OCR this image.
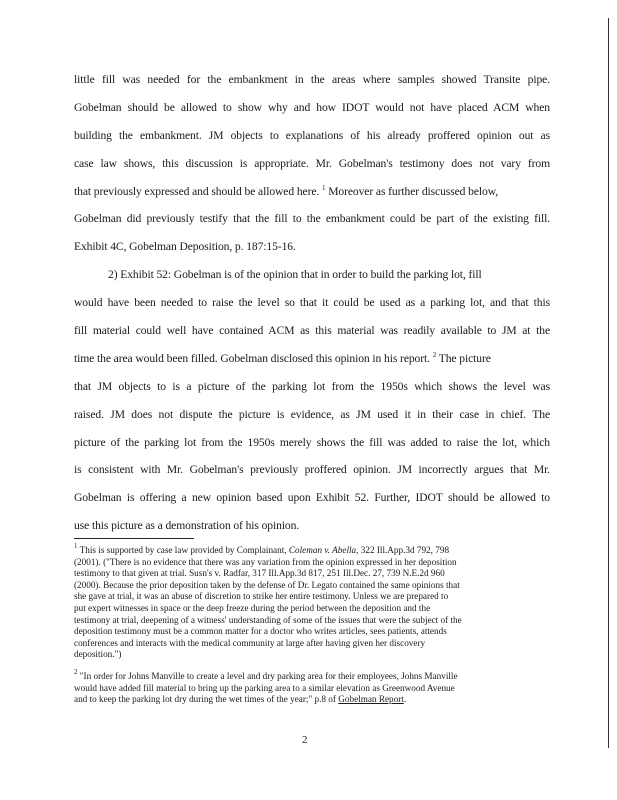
little fill was needed for the embankment in the areas where samples showed Transite pipe.
Gobelman should be allowed to show why and how IDOT would not have placed ACM when
building the embankment. JM objects to explanations of his already proffered opinion out as
case law shows, this discussion is appropriate. Mr. Gobelman's testimony does not vary from
that previously expressed and should be allowed here. $^1$ Moreover as further discussed below,
Gobelman did previously testify that the fill to the embankment could be part of the existing fill.
Exhibit 4C, Gobelman Deposition, p. 187:15-16.
2) Exhibit 52: Gobelman is of the opinion that in order to build the parking lot, fill
would have been needed to raise the level so that it could be used as a parking lot, and that this
fill material could well have contained ACM as this material was readily available to JM at the
time the area would been filled. Gobelman disclosed this opinion in his report. $^2$ The picture
that JM objects to is a picture of the parking lot from the 1950s which shows the level was
raised. JM does not dispute the picture is evidence, as JM used it in their case in chief. The
picture of the parking lot from the 1950s merely shows the fill was added to raise the lot, which
is consistent with Mr. Gobelman's previously proffered opinion. JM incorrectly argues that Mr.
Gobelman is offering a new opinion based upon Exhibit 52. Further, IDOT should be allowed to
use this picture as a demonstration of his opinion.
$^1$ This is supported by case law provided by Complainant, Coleman v. Abella, 322 Ill.App.3d 792, 798
(2001). ("There is no evidence that there was any variation from the opinion expressed in her deposition
testimony to that given at trial. Susn's v. Radfar, 317 Ill.App.3d 817, 251 Ill.Dec. 27, 739 N.E.2d 960
(2000). Because the prior deposition taken by the defense of Dr. Legato contained the same opinions that
she gave at trial, it was an abuse of discretion to strike her entire testimony. Unless we are prepared to
put expert witnesses in space or the deep freeze during the period between the deposition and the
testimony at trial, deepening of a witness' understanding of some of the issues that were the subject of the
deposition testimony must be a common matter for a doctor who writes articles, sees patients, attends
conferences and interacts with the medical community at large after having given her discovery
deposition.")
$^2$ "In order for Johns Manville to create a level and dry parking area for their employees, Johns Manville
would have added fill material to bring up the parking area to a similar elevation as Greenwood Avenue
and to keep the parking lot dry during the wet times of the year;" p.8 of Gobelman Report.
2
